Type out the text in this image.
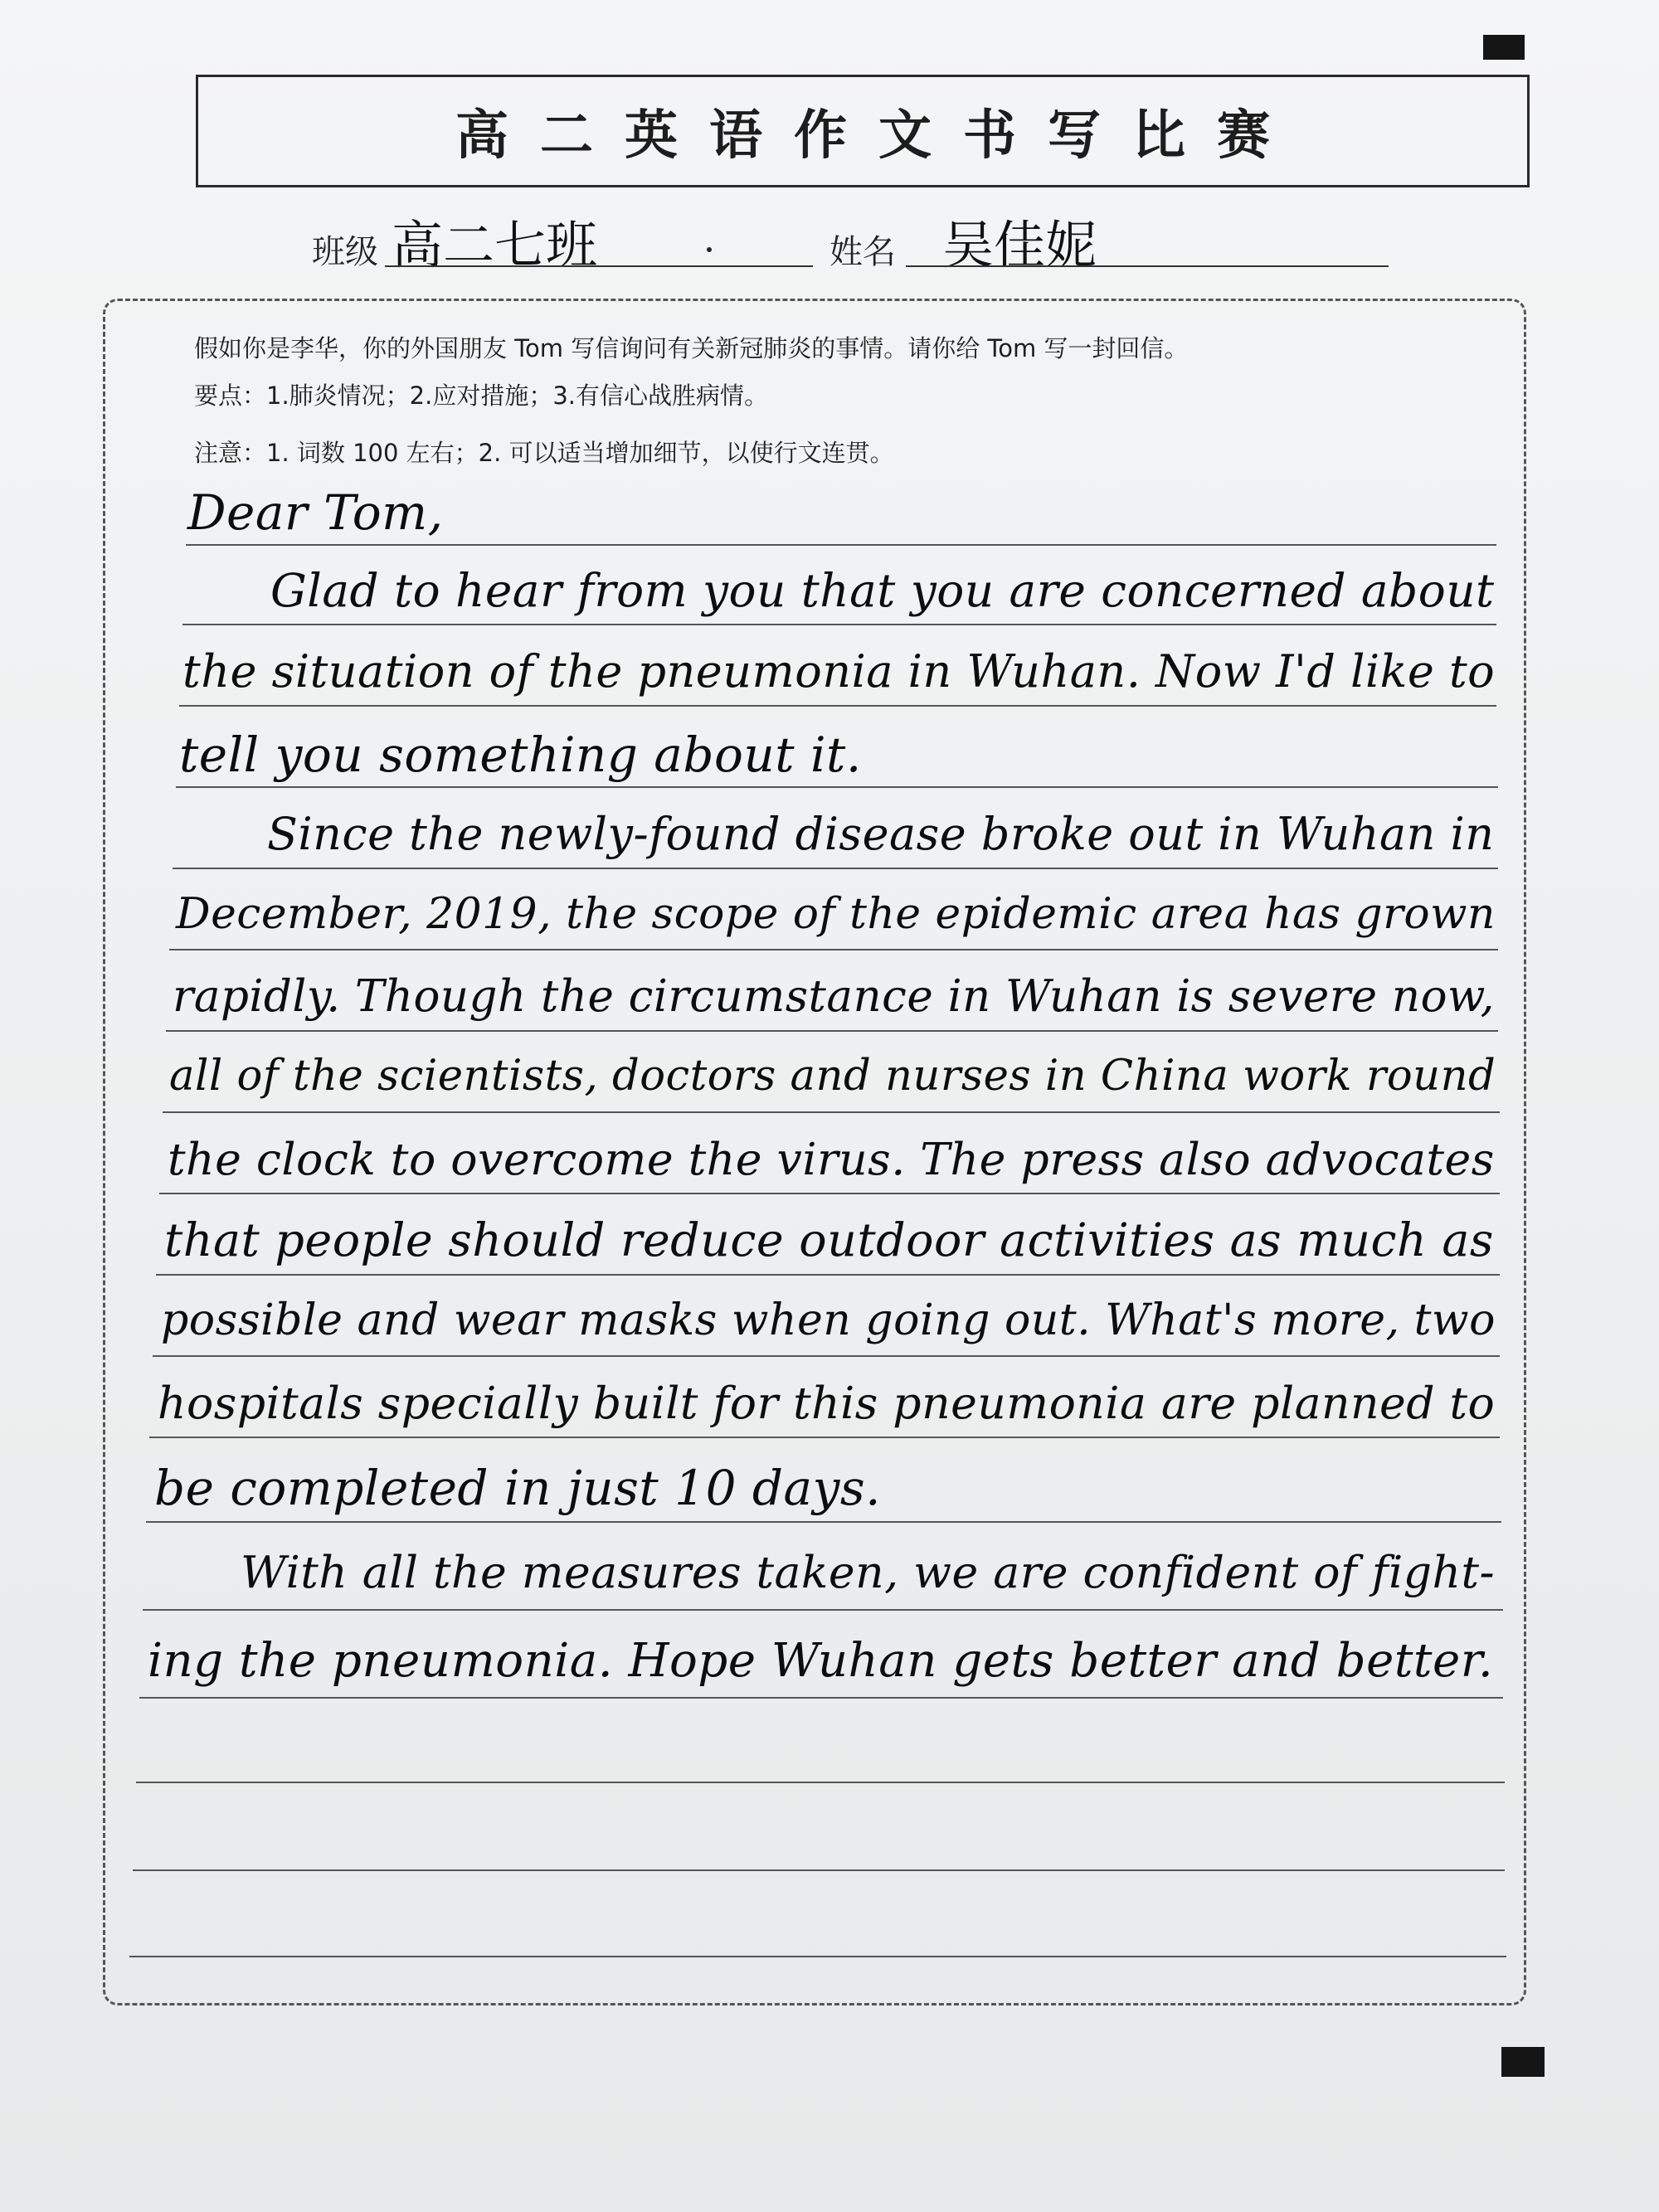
高二英语作文书写比赛
班级 高二七班	姓名 吴佳妮
假如你是李华，你的外国朋友 Tom 写信询问有关新冠肺炎的事情。请你给 Tom 写一封回信。
要点：1.肺炎情况；2.应对措施；3.有信心战胜病情。
注意：1. 词数 100 左右；2. 可以适当增加细节，以使行文连贯。
Dear Tom,
Glad to hear from you that you are concerned about
the situation of the pneumonia in Wuhan. Now I'd like to
tell you something about it.
Since the newly-found disease broke out in Wuhan in
December, 2019, the scope of the epidemic area has grown
rapidly. Though the circumstance in Wuhan is severe now,
all of the scientists, doctors and nurses in China work round
the clock to overcome the virus. The press also advocates
that people should reduce outdoor activities as much as
possible and wear masks when going out. What's more, two
hospitals specially built for this pneumonia are planned to
be completed in just 10 days.
With all the measures taken, we are confident of fight-
ing the pneumonia. Hope Wuhan gets better and better.
